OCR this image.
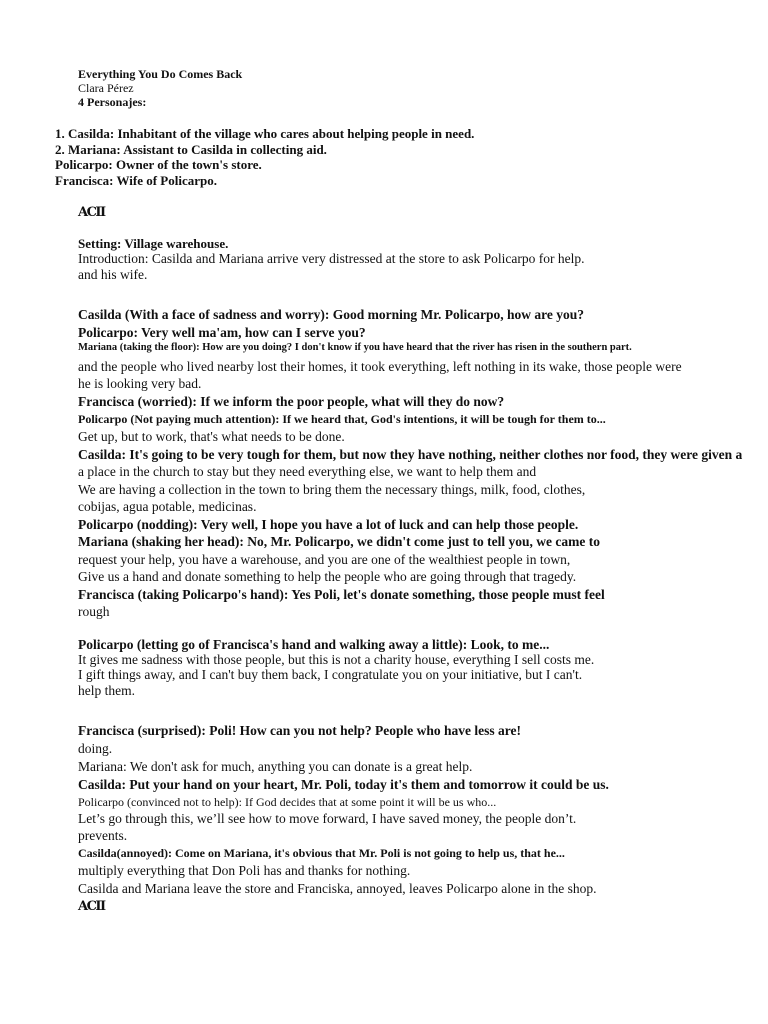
Everything You Do Comes Back
Clara Pérez
4 Personajes:
1. Casilda: Inhabitant of the village who cares about helping people in need.
2. Mariana: Assistant to Casilda in collecting aid.
Policarpo: Owner of the town's store.
Francisca: Wife of Policarpo.
ACII
Setting: Village warehouse.
Introduction: Casilda and Mariana arrive very distressed at the store to ask Policarpo for help.
and his wife.
Casilda (With a face of sadness and worry): Good morning Mr. Policarpo, how are you?
Policarpo: Very well ma'am, how can I serve you?
Mariana (taking the floor): How are you doing? I don't know if you have heard that the river has risen in the southern part.
and the people who lived nearby lost their homes, it took everything, left nothing in its wake, those people were
he is looking very bad.
Francisca (worried): If we inform the poor people, what will they do now?
Policarpo (Not paying much attention): If we heard that, God's intentions, it will be tough for them to...
Get up, but to work, that's what needs to be done.
Casilda: It's going to be very tough for them, but now they have nothing, neither clothes nor food, they were given a
a place in the church to stay but they need everything else, we want to help them and
We are having a collection in the town to bring them the necessary things, milk, food, clothes,
cobijas, agua potable, medicinas.
Policarpo (nodding): Very well, I hope you have a lot of luck and can help those people.
Mariana (shaking her head): No, Mr. Policarpo, we didn't come just to tell you, we came to
request your help, you have a warehouse, and you are one of the wealthiest people in town,
Give us a hand and donate something to help the people who are going through that tragedy.
Francisca (taking Policarpo's hand): Yes Poli, let's donate something, those people must feel
rough
Policarpo (letting go of Francisca's hand and walking away a little): Look, to me...
It gives me sadness with those people, but this is not a charity house, everything I sell costs me.
I gift things away, and I can't buy them back, I congratulate you on your initiative, but I can't.
help them.
Francisca (surprised): Poli! How can you not help? People who have less are!
doing.
Mariana: We don't ask for much, anything you can donate is a great help.
Casilda: Put your hand on your heart, Mr. Poli, today it's them and tomorrow it could be us.
Policarpo (convinced not to help): If God decides that at some point it will be us who...
Let’s go through this, we’ll see how to move forward, I have saved money, the people don’t.
prevents.
Casilda(annoyed): Come on Mariana, it's obvious that Mr. Poli is not going to help us, that he...
multiply everything that Don Poli has and thanks for nothing.
Casilda and Mariana leave the store and Franciska, annoyed, leaves Policarpo alone in the shop.
ACII
